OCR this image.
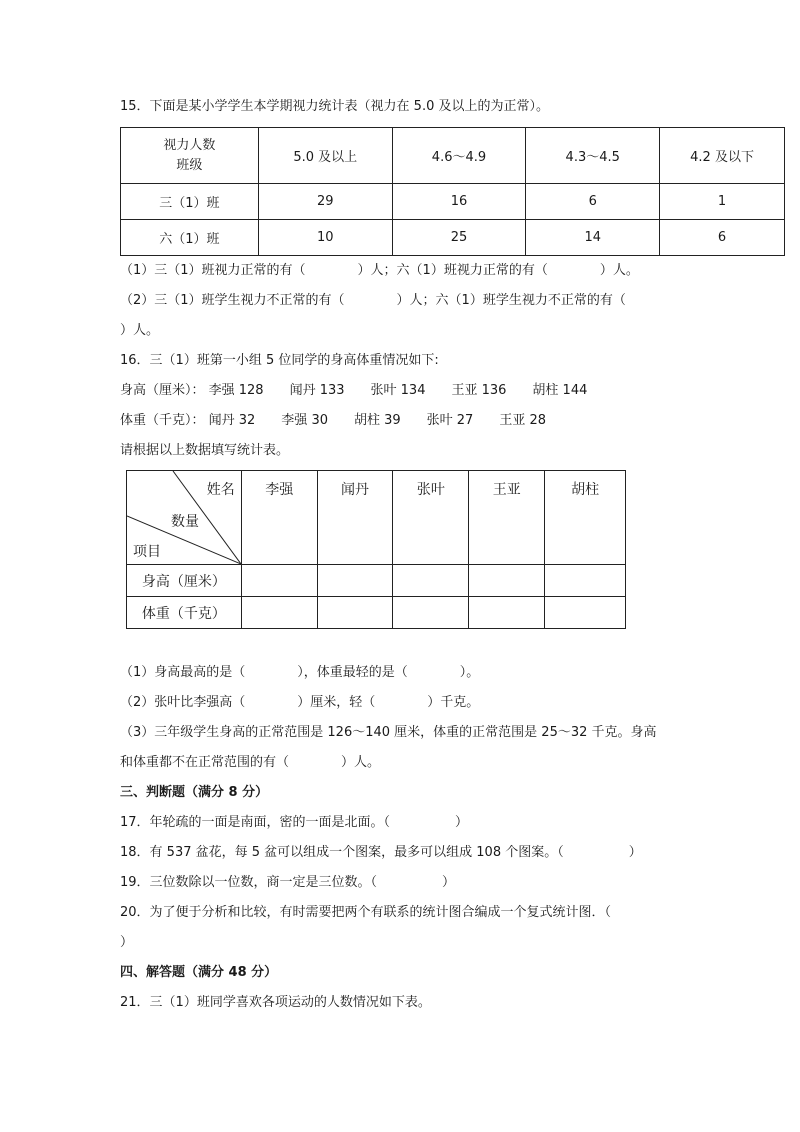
15．下面是某小学学生本学期视力统计表（视力在 5.0 及以上的为正常）。
视力人数
班级	5.0 及以上	4.6～4.9	4.3～4.5	4.2 及以下
三（1）班	29	16	6	1
六（1）班	10	25	14	6
（1）三（1）班视力正常的有（　　　　）人；六（1）班视力正常的有（　　　　）人。
（2）三（1）班学生视力不正常的有（　　　　）人；六（1）班学生视力不正常的有（
）人。
16．三（1）班第一小组 5 位同学的身高体重情况如下:
身高（厘米）： 李强 128　　闻丹 133　　张叶 134　　王亚 136　　胡柱 144
体重（千克）： 闻丹 32　　李强 30　　胡柱 39　　张叶 27　　王亚 28
请根据以上数据填写统计表。
姓名
数量
项目	李强	闻丹	张叶	王亚	胡柱
身高（厘米）					
体重（千克）					
（1）身高最高的是（　　　　），体重最轻的是（　　　　）。
（2）张叶比李强高（　　　　）厘米，轻（　　　　）千克。
（3）三年级学生身高的正常范围是 126～140 厘米，体重的正常范围是 25～32 千克。身高
和体重都不在正常范围的有（　　　　）人。
三、判断题（满分 8 分）
17．年轮疏的一面是南面，密的一面是北面。（　　　　　）
18．有 537 盆花，每 5 盆可以组成一个图案，最多可以组成 108 个图案。（　　　　　）
19．三位数除以一位数，商一定是三位数。（　　　　　）
20．为了便于分析和比较，有时需要把两个有联系的统计图合编成一个复式统计图．（
）
四、解答题（满分 48 分）
21．三（1）班同学喜欢各项运动的人数情况如下表。
